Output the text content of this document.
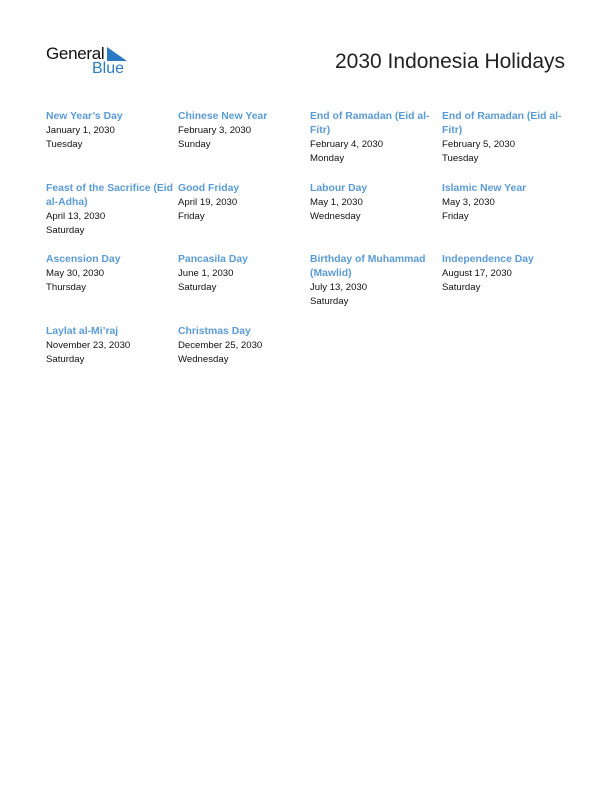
General
Blue	2030 Indonesia Holidays
New Year’s Day
January 1, 2030
Tuesday
Chinese New Year
February 3, 2030
Sunday
End of Ramadan (Eid al-Fitr)
February 4, 2030
Monday
End of Ramadan (Eid al-Fitr)
February 5, 2030
Tuesday
Feast of the Sacrifice (Eid al-Adha)
April 13, 2030
Saturday
Good Friday
April 19, 2030
Friday
Labour Day
May 1, 2030
Wednesday
Islamic New Year
May 3, 2030
Friday
Ascension Day
May 30, 2030
Thursday
Pancasila Day
June 1, 2030
Saturday
Birthday of Muhammad (Mawlid)
July 13, 2030
Saturday
Independence Day
August 17, 2030
Saturday
Laylat al-Mi’raj
November 23, 2030
Saturday
Christmas Day
December 25, 2030
Wednesday
